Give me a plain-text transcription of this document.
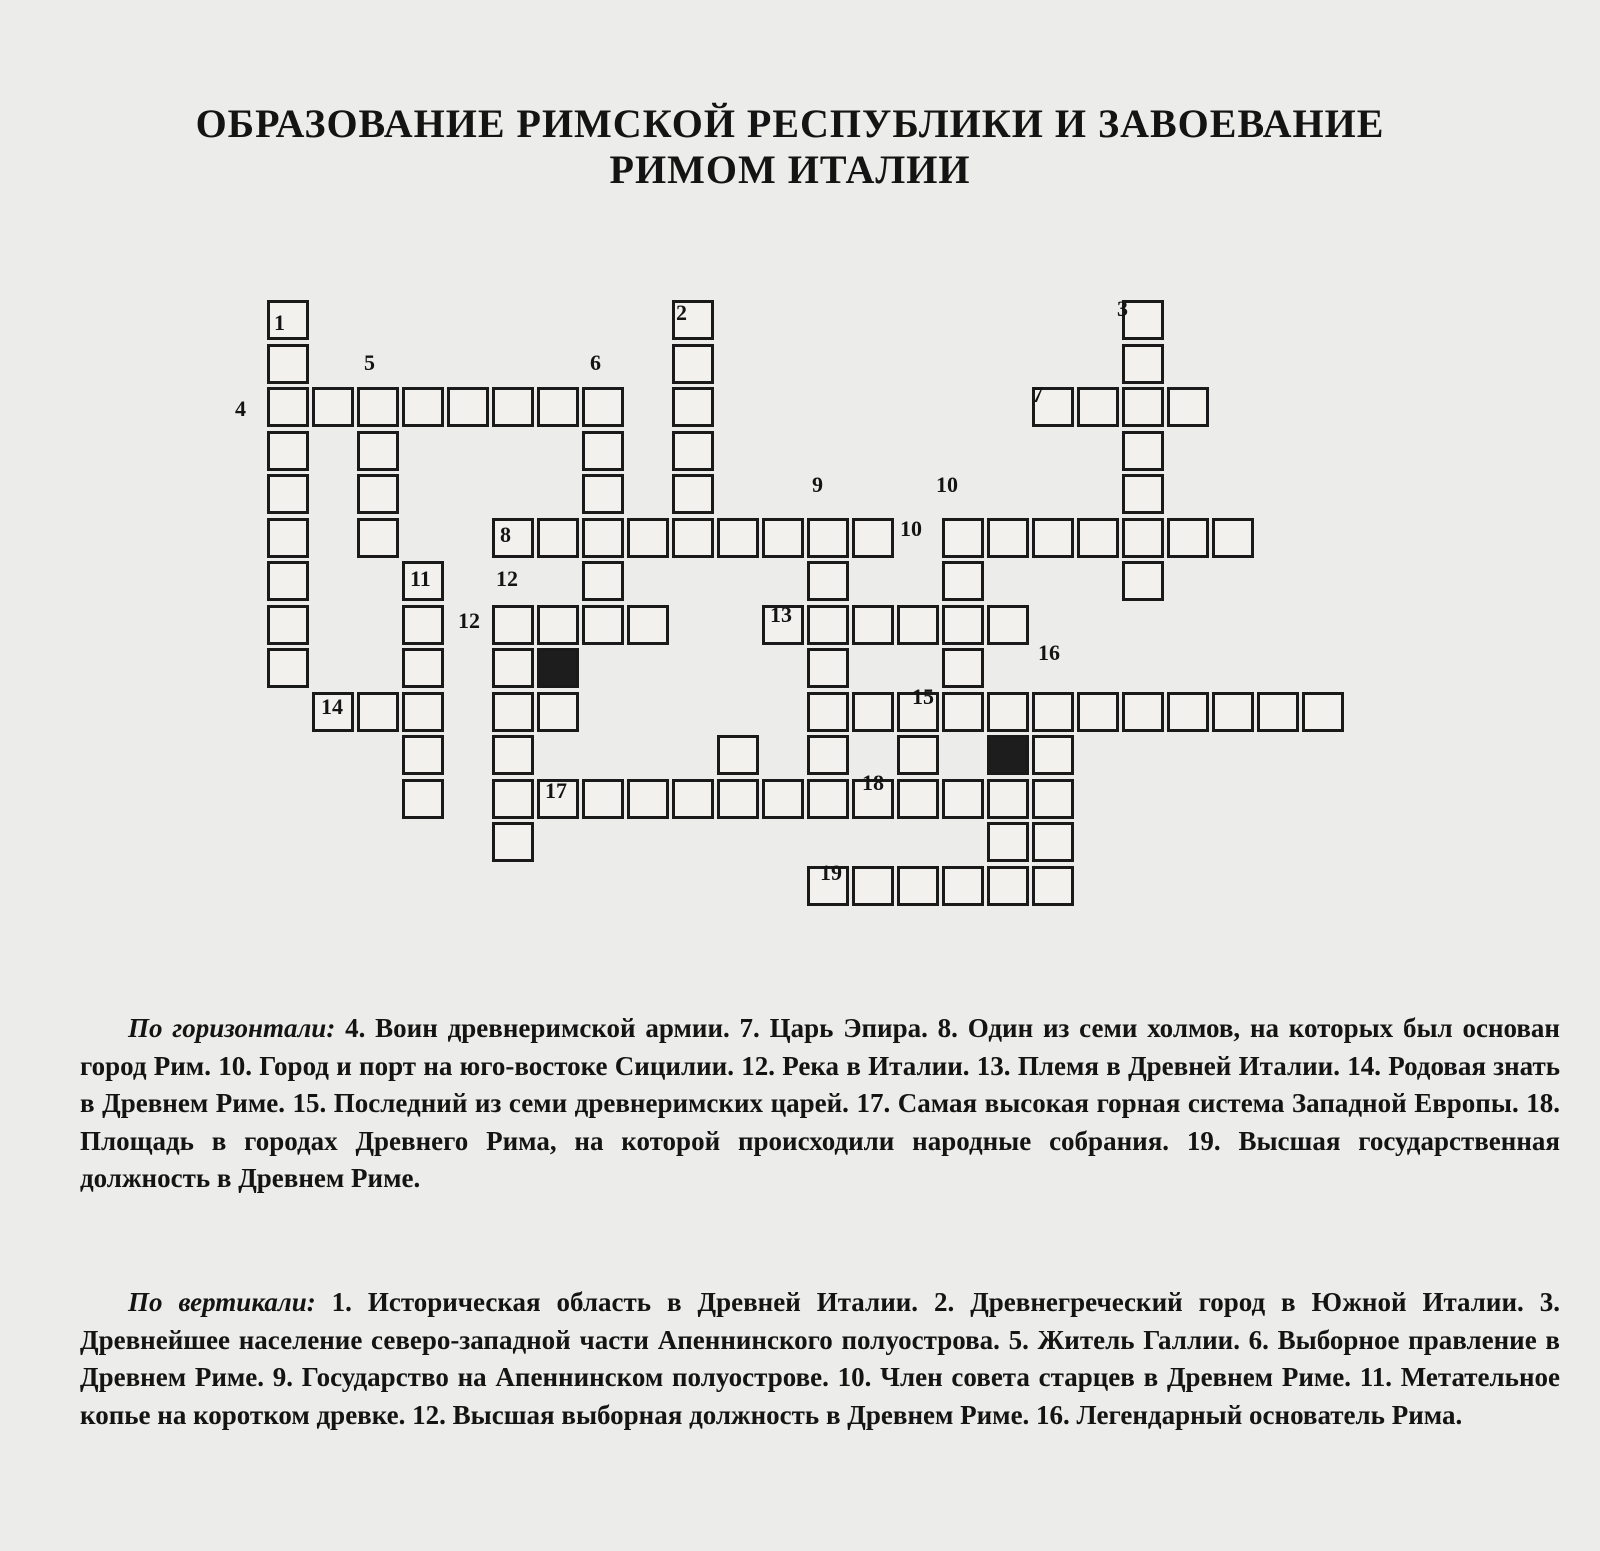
ОБРАЗОВАНИЕ РИМСКОЙ РЕСПУБЛИКИ И ЗАВОЕВАНИЕ
РИМОМ ИТАЛИИ
1	2	3
4
5	6
7
8
9	10
10
11	12
12	13
14	15
16
17	18
19
По горизонтали: 4. Воин древнеримской армии. 7. Царь Эпира. 8. Один из семи холмов, на которых был основан город Рим. 10. Город и порт на юго-востоке Сицилии. 12. Река в Италии. 13. Племя в Древней Италии. 14. Родовая знать в Древнем Риме. 15. Последний из семи древнеримских царей. 17. Самая высокая горная система Западной Европы. 18. Площадь в городах Древнего Рима, на которой происходили народные собрания. 19. Высшая государственная должность в Древнем Риме.
По вертикали: 1. Историческая область в Древней Италии. 2. Древнегреческий город в Южной Италии. 3. Древнейшее население северо-западной части Апеннинского полуострова. 5. Житель Галлии. 6. Выборное правление в Древнем Риме. 9. Государство на Апеннинском полуострове. 10. Член совета старцев в Древнем Риме. 11. Метательное копье на коротком древке. 12. Высшая выборная должность в Древнем Риме. 16. Легендарный основатель Рима.
